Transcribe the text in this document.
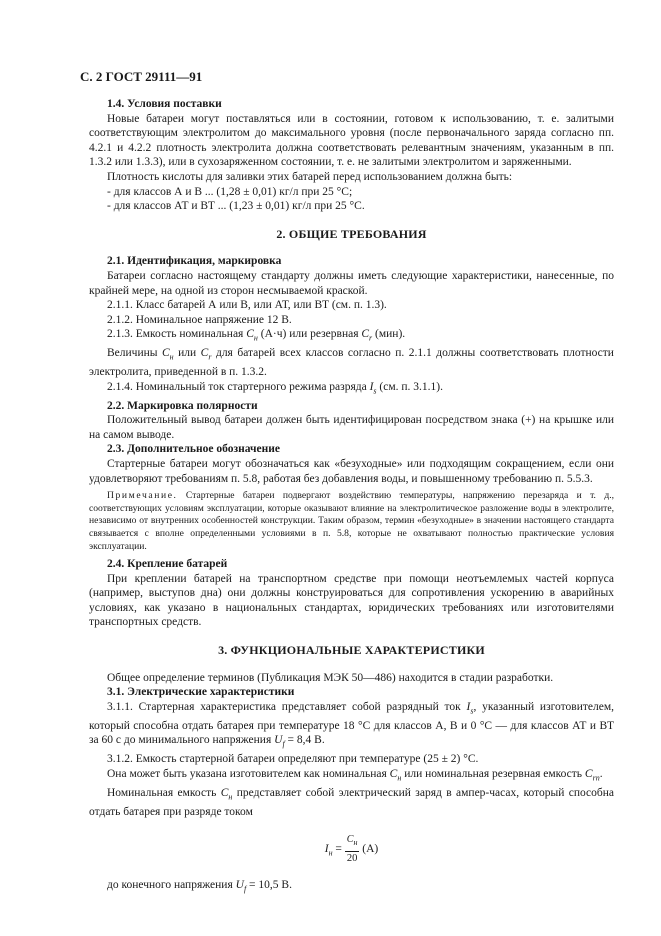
С. 2 ГОСТ 29111—91

1.4. Условия поставки

Новые батареи могут поставляться или в состоянии, готовом к использованию, т. е. залитыми соответствующим электролитом до максимального уровня (после первоначального заряда согласно пп. 4.2.1 и 4.2.2 плотность электролита должна соответствовать релевантным значениям, указанным в пп. 1.3.2 или 1.3.3), или в сухозаряженном состоянии, т. е. не залитыми электролитом и заряженными.

Плотность кислоты для заливки этих батарей перед использованием должна быть:

- для классов А и В ... (1,28 ± 0,01) кг/л при 25 °С;

- для классов АТ и ВТ ... (1,23 ± 0,01) кг/л при 25 °С.

2. ОБЩИЕ ТРЕБОВАНИЯ

2.1. Идентификация, маркировка

Батареи согласно настоящему стандарту должны иметь следующие характеристики, нанесенные, по крайней мере, на одной из сторон несмываемой краской.

2.1.1. Класс батарей А или В, или АТ, или ВТ (см. п. 1.3).

2.1.2. Номинальное напряжение 12 В.

2.1.3. Емкость номинальная $C_н$ (А·ч) или резервная $C_r$ (мин).

Величины $C_н$ или $C_r$ для батарей всех классов согласно п. 2.1.1 должны соответствовать плотности электролита, приведенной в п. 1.3.2.

2.1.4. Номинальный ток стартерного режима разряда $I_s$ (см. п. 3.1.1).

2.2. Маркировка полярности

Положительный вывод батареи должен быть идентифицирован посредством знака (+) на крышке или на самом выводе.

2.3. Дополнительное обозначение

Стартерные батареи могут обозначаться как «безуходные» или подходящим сокращением, если они удовлетворяют требованиям п. 5.8, работая без добавления воды, и повышенному требованию п. 5.5.3.

Примечание. Стартерные батареи подвергают воздействию температуры, напряжению перезаряда и т. д., соответствующих условиям эксплуатации, которые оказывают влияние на электролитическое разложение воды в электролите, независимо от внутренних особенностей конструкции. Таким образом, термин «безуходные» в значении настоящего стандарта связывается с вполне определенными условиями в п. 5.8, которые не охватывают полностью практические условия эксплуатации.

2.4. Крепление батарей

При креплении батарей на транспортном средстве при помощи неотъемлемых частей корпуса (например, выступов дна) они должны конструироваться для сопротивления ускорению в аварийных условиях, как указано в национальных стандартах, юридических требованиях или изготовителями транспортных средств.

3. ФУНКЦИОНАЛЬНЫЕ ХАРАКТЕРИСТИКИ

Общее определение терминов (Публикация МЭК 50—486) находится в стадии разработки.

3.1. Электрические характеристики

3.1.1. Стартерная характеристика представляет собой разрядный ток $I_s$, указанный изготовителем, который способна отдать батарея при температуре 18 °С для классов А, В и 0 °С — для классов АТ и ВТ за 60 с до минимального напряжения $U_f = 8,4$ В.

3.1.2. Емкость стартерной батареи определяют при температуре (25 ± 2) °С.

Она может быть указана изготовителем как номинальная $C_н$ или номинальная резервная емкость $C_{rn}$.

Номинальная емкость $C_н$ представляет собой электрический заряд в ампер-часах, который способна отдать батарея при разряде током

$I_н = \frac{C_н}{20} (А)$

до конечного напряжения $U_f = 10,5$ В.
